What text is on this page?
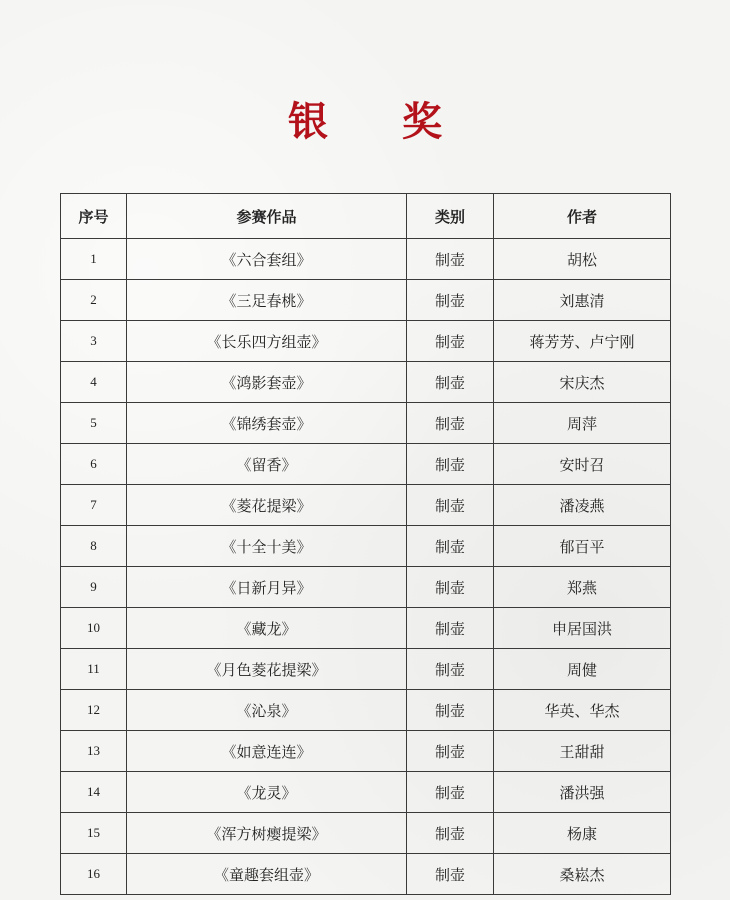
银 奖
序号	参赛作品	类别	作者
1	《六合套组》	制壶	胡松
2	《三足春桃》	制壶	刘惠清
3	《长乐四方组壶》	制壶	蒋芳芳、卢宁刚
4	《鸿影套壶》	制壶	宋庆杰
5	《锦绣套壶》	制壶	周萍
6	《留香》	制壶	安时召
7	《菱花提梁》	制壶	潘凌燕
8	《十全十美》	制壶	郁百平
9	《日新月异》	制壶	郑燕
10	《藏龙》	制壶	申居国洪
11	《月色菱花提梁》	制壶	周健
12	《沁泉》	制壶	华英、华杰
13	《如意连连》	制壶	王甜甜
14	《龙灵》	制壶	潘洪强
15	《浑方树瘿提梁》	制壶	杨康
16	《童趣套组壶》	制壶	桑崧杰
